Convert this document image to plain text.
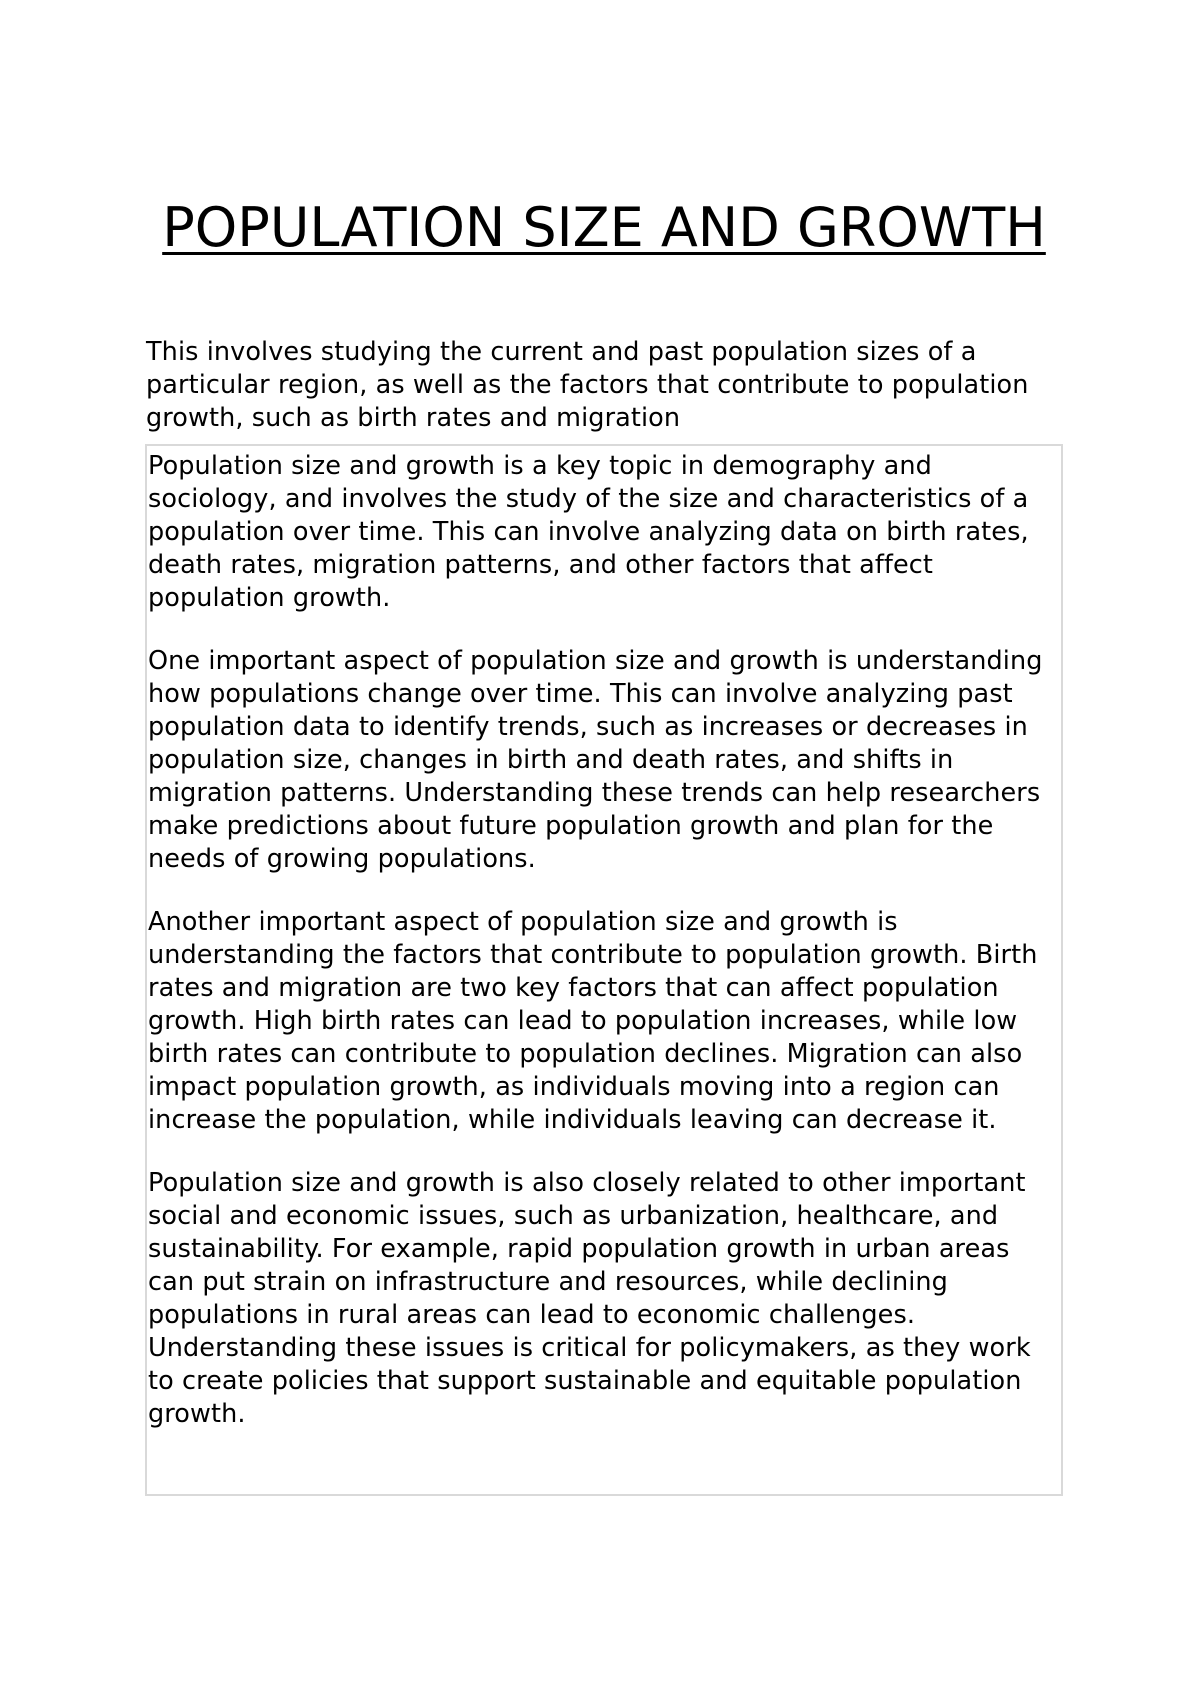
POPULATION SIZE AND GROWTH

This involves studying the current and past population sizes of a particular region, as well as the factors that contribute to population growth, such as birth rates and migration

Population size and growth is a key topic in demography and sociology, and involves the study of the size and characteristics of a population over time. This can involve analyzing data on birth rates, death rates, migration patterns, and other factors that affect population growth.

One important aspect of population size and growth is understanding how populations change over time. This can involve analyzing past population data to identify trends, such as increases or decreases in population size, changes in birth and death rates, and shifts in migration patterns. Understanding these trends can help researchers make predictions about future population growth and plan for the needs of growing populations.

Another important aspect of population size and growth is understanding the factors that contribute to population growth. Birth rates and migration are two key factors that can affect population growth. High birth rates can lead to population increases, while low birth rates can contribute to population declines. Migration can also impact population growth, as individuals moving into a region can increase the population, while individuals leaving can decrease it.

Population size and growth is also closely related to other important social and economic issues, such as urbanization, healthcare, and sustainability. For example, rapid population growth in urban areas can put strain on infrastructure and resources, while declining populations in rural areas can lead to economic challenges. Understanding these issues is critical for policymakers, as they work to create policies that support sustainable and equitable population growth.
